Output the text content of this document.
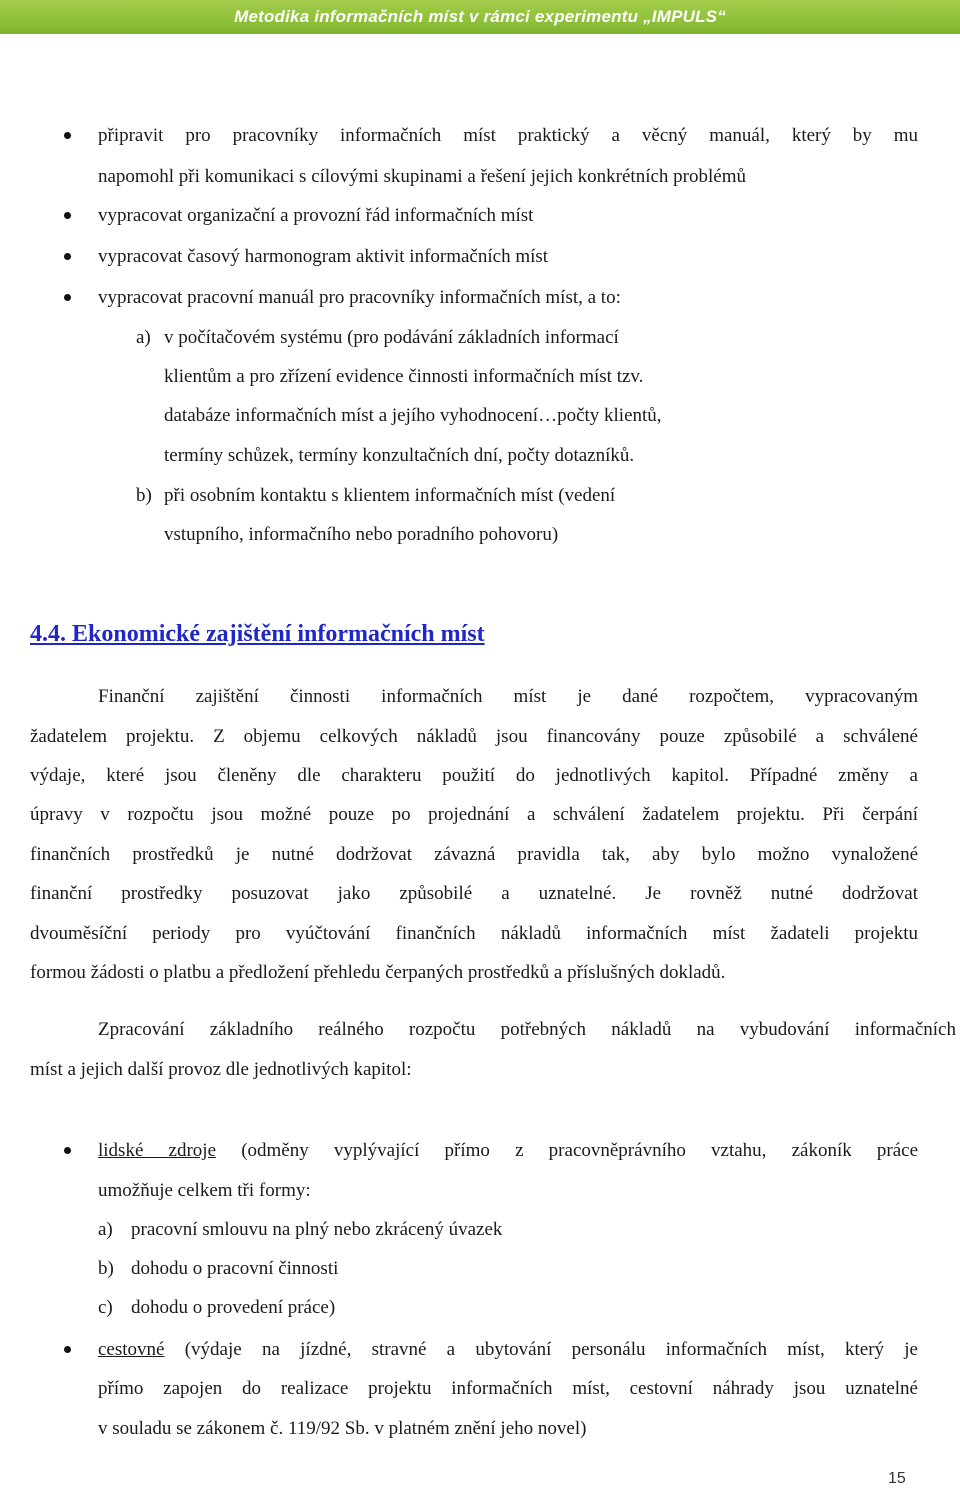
Metodika informačních míst v rámci experimentu „IMPULS“
připravit pro pracovníky informačních míst praktický a věcný manuál, který by mu
napomohl při komunikaci s cílovými skupinami a řešení jejich konkrétních problémů
vypracovat organizační a provozní řád informačních míst
vypracovat časový harmonogram aktivit informačních míst
vypracovat pracovní manuál pro pracovníky informačních míst, a to:
a) v počítačovém systému (pro podávání základních informací
klientům a pro zřízení evidence činnosti informačních míst tzv.
databáze informačních míst a jejího vyhodnocení…počty klientů,
termíny schůzek, termíny konzultačních dní, počty dotazníků.
b) při osobním kontaktu s klientem informačních míst (vedení
vstupního, informačního nebo poradního pohovoru)
4.4. Ekonomické zajištění informačních míst
Finanční zajištění činnosti informačních míst je dané rozpočtem, vypracovaným
žadatelem projektu. Z objemu celkových nákladů jsou financovány pouze způsobilé a schválené
výdaje, které jsou členěny dle charakteru použití do jednotlivých kapitol. Případné změny a
úpravy v rozpočtu jsou možné pouze po projednání a schválení žadatelem projektu. Při čerpání
finančních prostředků je nutné dodržovat závazná pravidla tak, aby bylo možno vynaložené
finanční prostředky posuzovat jako způsobilé a uznatelné. Je rovněž nutné dodržovat
dvouměsíční periody pro vyúčtování finančních nákladů informačních míst žadateli projektu
formou žádosti o platbu a předložení přehledu čerpaných prostředků a příslušných dokladů.
Zpracování základního reálného rozpočtu potřebných nákladů na vybudování informačních
míst a jejich další provoz dle jednotlivých kapitol:
lidské zdroje (odměny vyplývající přímo z pracovněprávního vztahu, zákoník práce
umožňuje celkem tři formy:
a) pracovní smlouvu na plný nebo zkrácený úvazek
b) dohodu o pracovní činnosti
c) dohodu o provedení práce)
cestovné (výdaje na jízdné, stravné a ubytování personálu informačních míst, který je
přímo zapojen do realizace projektu informačních míst, cestovní náhrady jsou uznatelné
v souladu se zákonem č. 119/92 Sb. v platném znění jeho novel)
15
